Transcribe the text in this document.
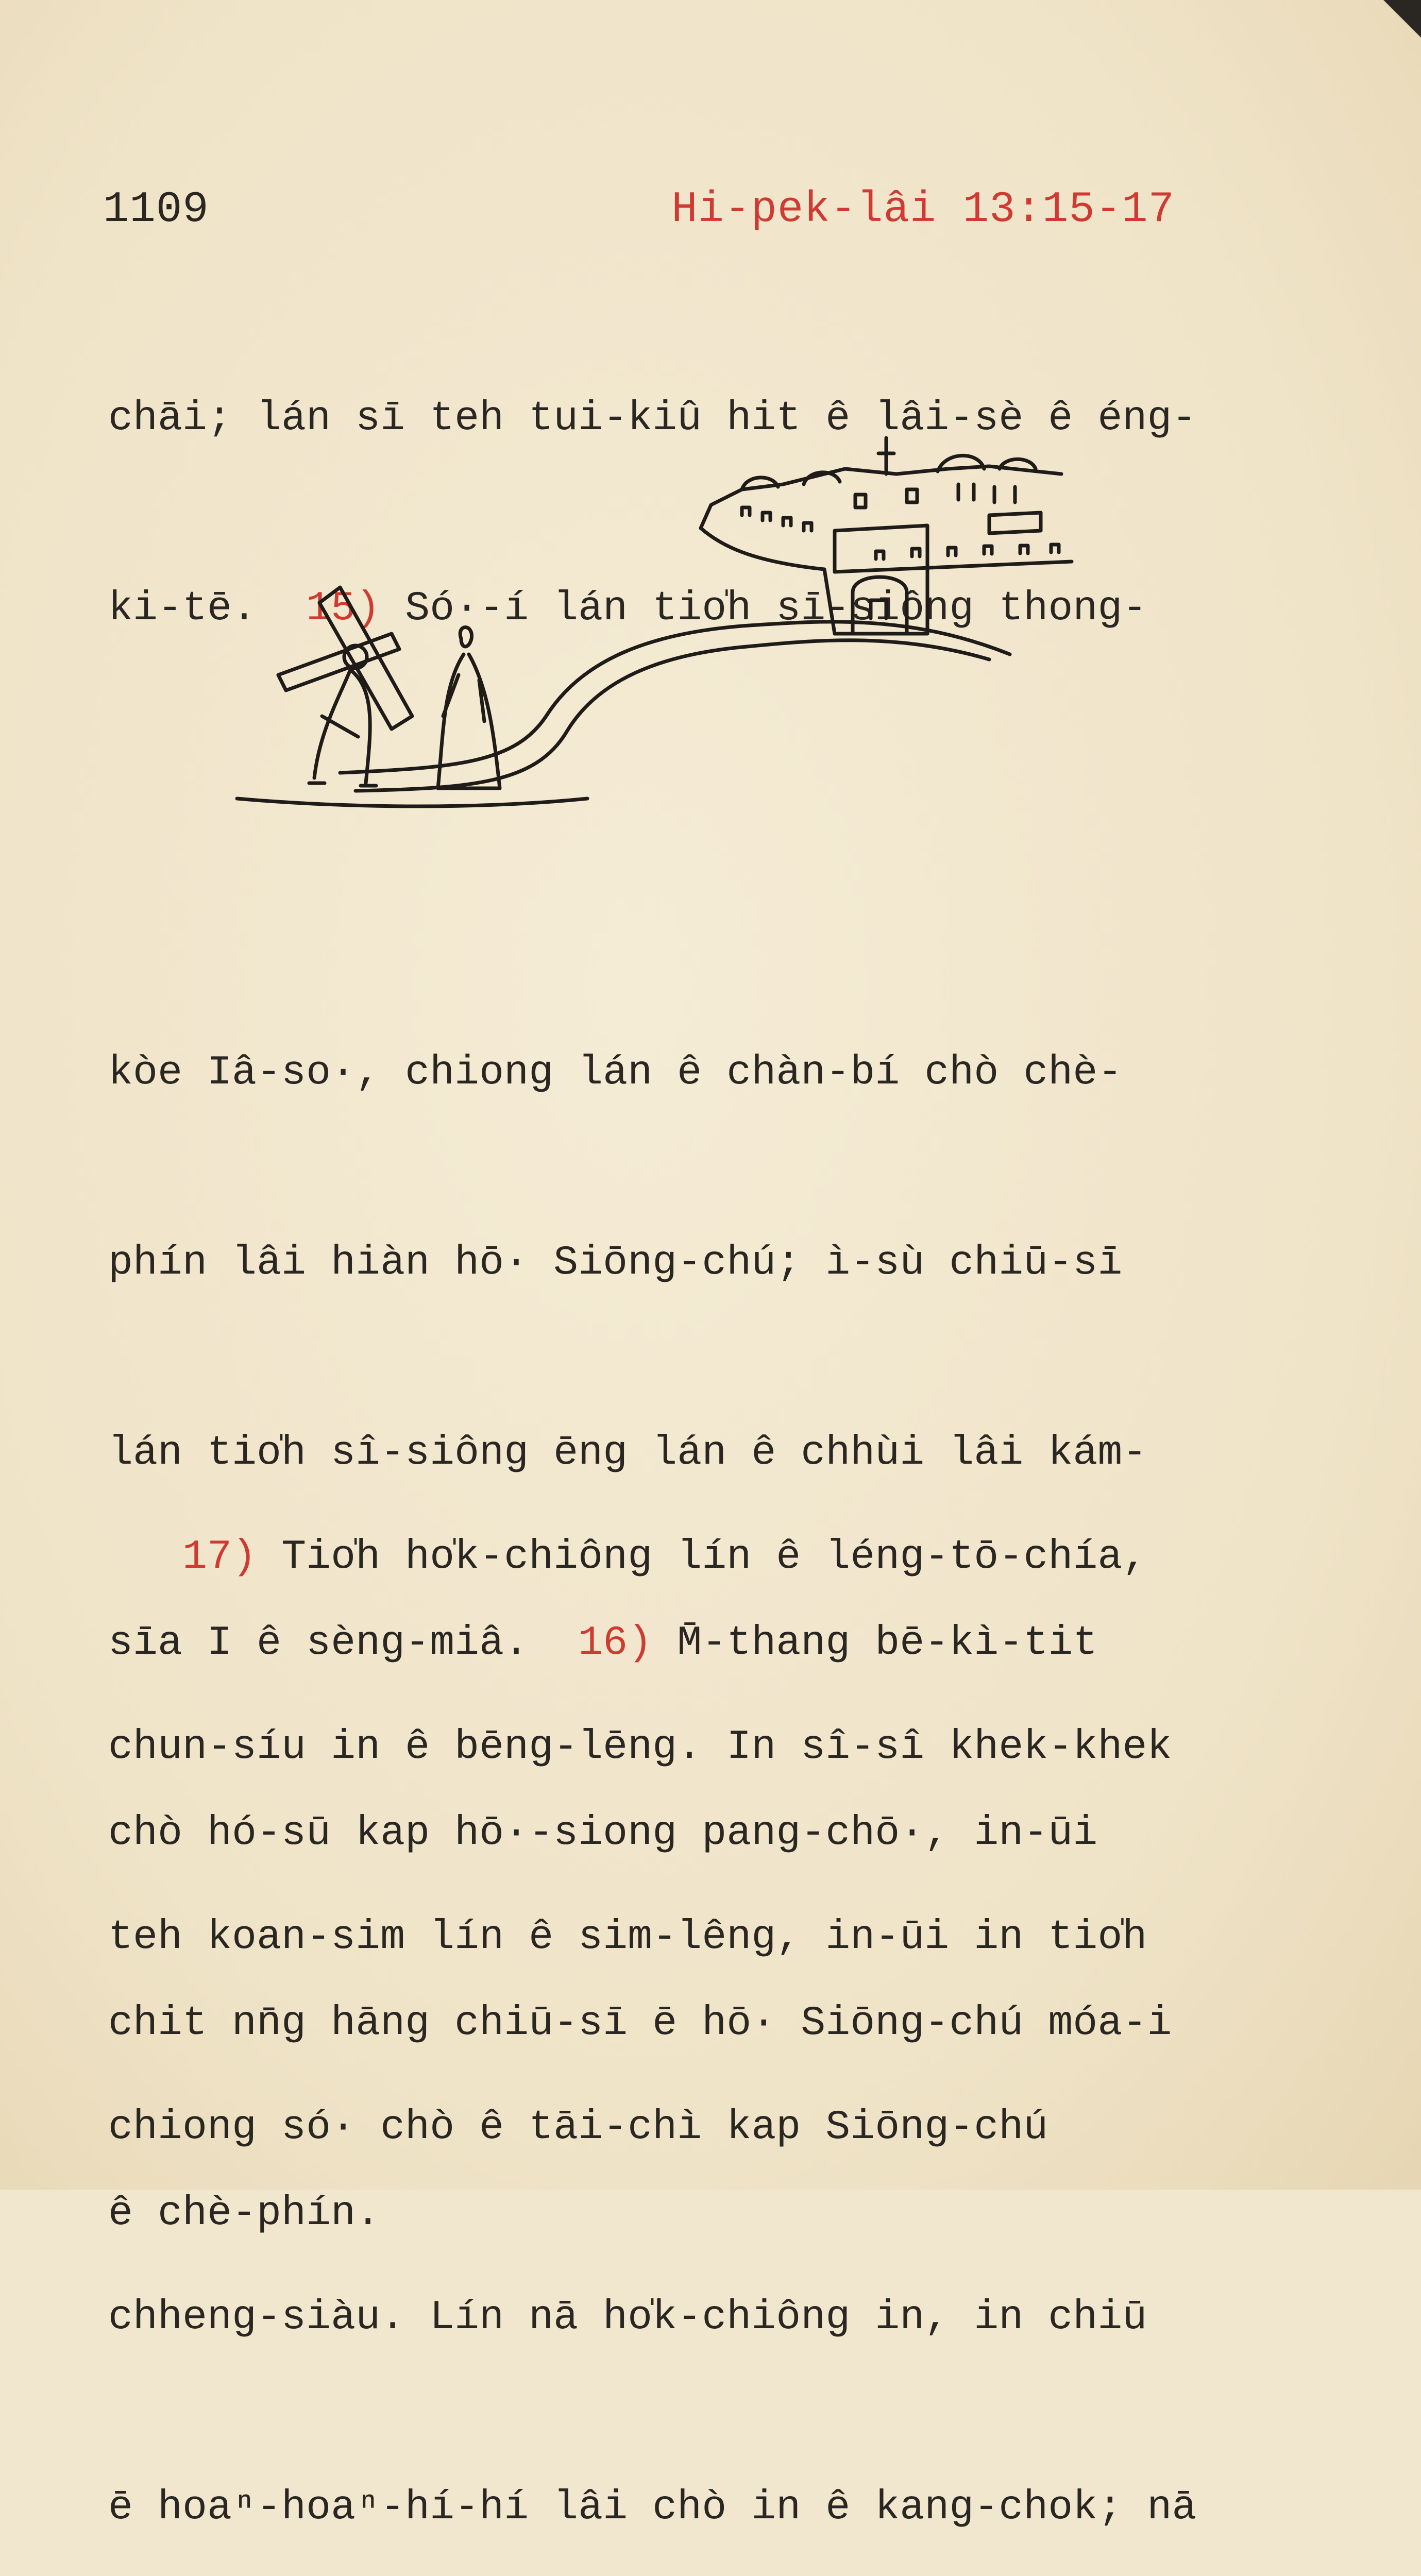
1109	Hi-pek-lâi 13:15-17

chāi; lán sī teh tui-kiû hit ê lâi-sè ê éng-

ki-tē. 15) Só·-í lán tio̍h sī-siông thong-

kòe Iâ-so·, chiong lán ê chàn-bí chò chè-

phín lâi hiàn hō· Siōng-chú; ì-sù chiū-sī

lán tio̍h sî-siông ēng lán ê chhùi lâi kám-

sīa I ê sèng-miâ. 16) M̄-thang bē-kì-tit

chò hó-sū kap hō·-siong pang-chō·, in-ūi

chit nn̄g hāng chiū-sī ē hō· Siōng-chú móa-i

ê chè-phín.

17) Tio̍h ho̍k-chiông lín ê léng-tō-chía,

chun-síu in ê bēng-lēng. In sî-sî khek-khek

teh koan-sim lín ê sim-lêng, in-ūi in tio̍h

chiong só· chò ê tāi-chì kap Siōng-chú

chheng-siàu. Lín nā ho̍k-chiông in, in chiū

ē hoaⁿ-hoaⁿ-hí-hí lâi chò in ê kang-chok; nā
